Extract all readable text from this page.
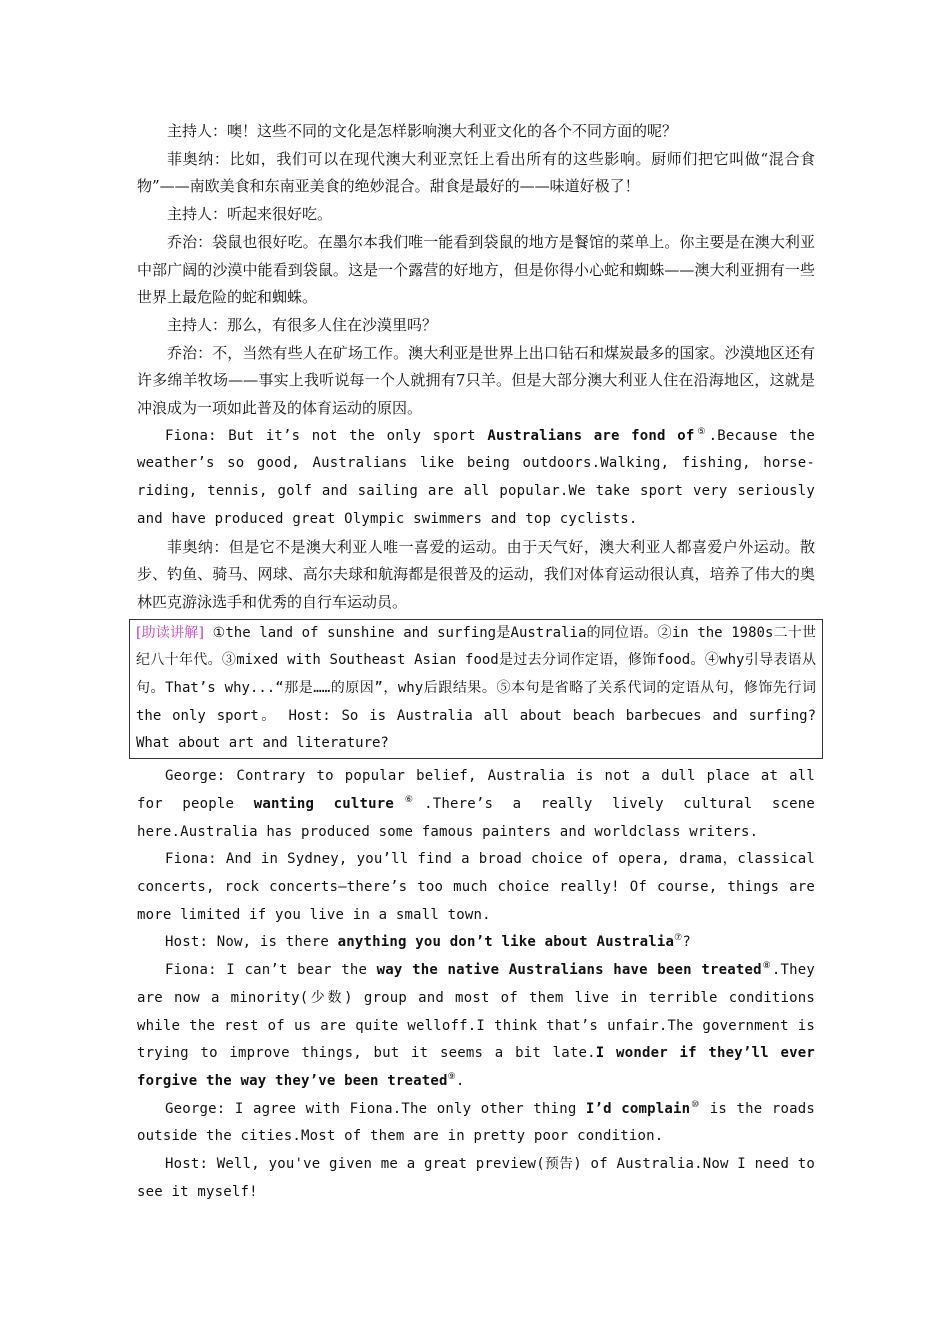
主持人：噢！这些不同的文化是怎样影响澳大利亚文化的各个不同方面的呢？

菲奥纳：比如，我们可以在现代澳大利亚烹饪上看出所有的这些影响。厨师们把它叫做“混合食物”——南欧美食和东南亚美食的绝妙混合。甜食是最好的——味道好极了！

主持人：听起来很好吃。

乔治：袋鼠也很好吃。在墨尔本我们唯一能看到袋鼠的地方是餐馆的菜单上。你主要是在澳大利亚中部广阔的沙漠中能看到袋鼠。这是一个露营的好地方，但是你得小心蛇和蜘蛛——澳大利亚拥有一些世界上最危险的蛇和蜘蛛。

主持人：那么，有很多人住在沙漠里吗？

乔治：不，当然有些人在矿场工作。澳大利亚是世界上出口钻石和煤炭最多的国家。沙漠地区还有许多绵羊牧场——事实上我听说每一个人就拥有7只羊。但是大部分澳大利亚人住在沿海地区，这就是冲浪成为一项如此普及的体育运动的原因。

Fiona: But it’s not the only sport Australians are fond of⑤.Because the weather’s so good, Australians like being outdoors.Walking, fishing, horse-riding, tennis, golf and sailing are all popular.We take sport very seriously and have produced great Olympic swimmers and top cyclists.

菲奥纳：但是它不是澳大利亚人唯一喜爱的运动。由于天气好，澳大利亚人都喜爱户外运动。散步、钓鱼、骑马、网球、高尔夫球和航海都是很普及的运动，我们对体育运动很认真，培养了伟大的奥林匹克游泳选手和优秀的自行车运动员。

[助读讲解] ①the land of sunshine and surfing是Australia的同位语。②in the 1980s二十世纪八十年代。③mixed with Southeast Asian food是过去分词作定语，修饰food。④why引导表语从句。That’s why...“那是……的原因”，why后跟结果。⑤本句是省略了关系代词的定语从句，修饰先行词the only sport。 Host: So is Australia all about beach barbecues and surfing? What about art and literature?

George: Contrary to popular belief, Australia is not a dull place at all for people wanting culture⑥.There’s a really lively cultural scene here.Australia has produced some famous painters and worldclass writers.

Fiona: And in Sydney, you’ll find a broad choice of opera, drama，classical concerts, rock concerts—there’s too much choice really! Of course, things are more limited if you live in a small town.

Host: Now, is there anything you don’t like about Australia⑦?

Fiona: I can’t bear the way the native Australians have been treated⑧.They are now a minority(少数) group and most of them live in terrible conditions while the rest of us are quite welloff.I think that’s unfair.The government is trying to improve things, but it seems a bit late.I wonder if they’ll ever forgive the way they’ve been treated⑨.

George: I agree with Fiona.The only other thing I’d complain⑩ is the roads outside the cities.Most of them are in pretty poor condition.

Host: Well, you've given me a great preview(预告) of Australia.Now I need to see it myself!
